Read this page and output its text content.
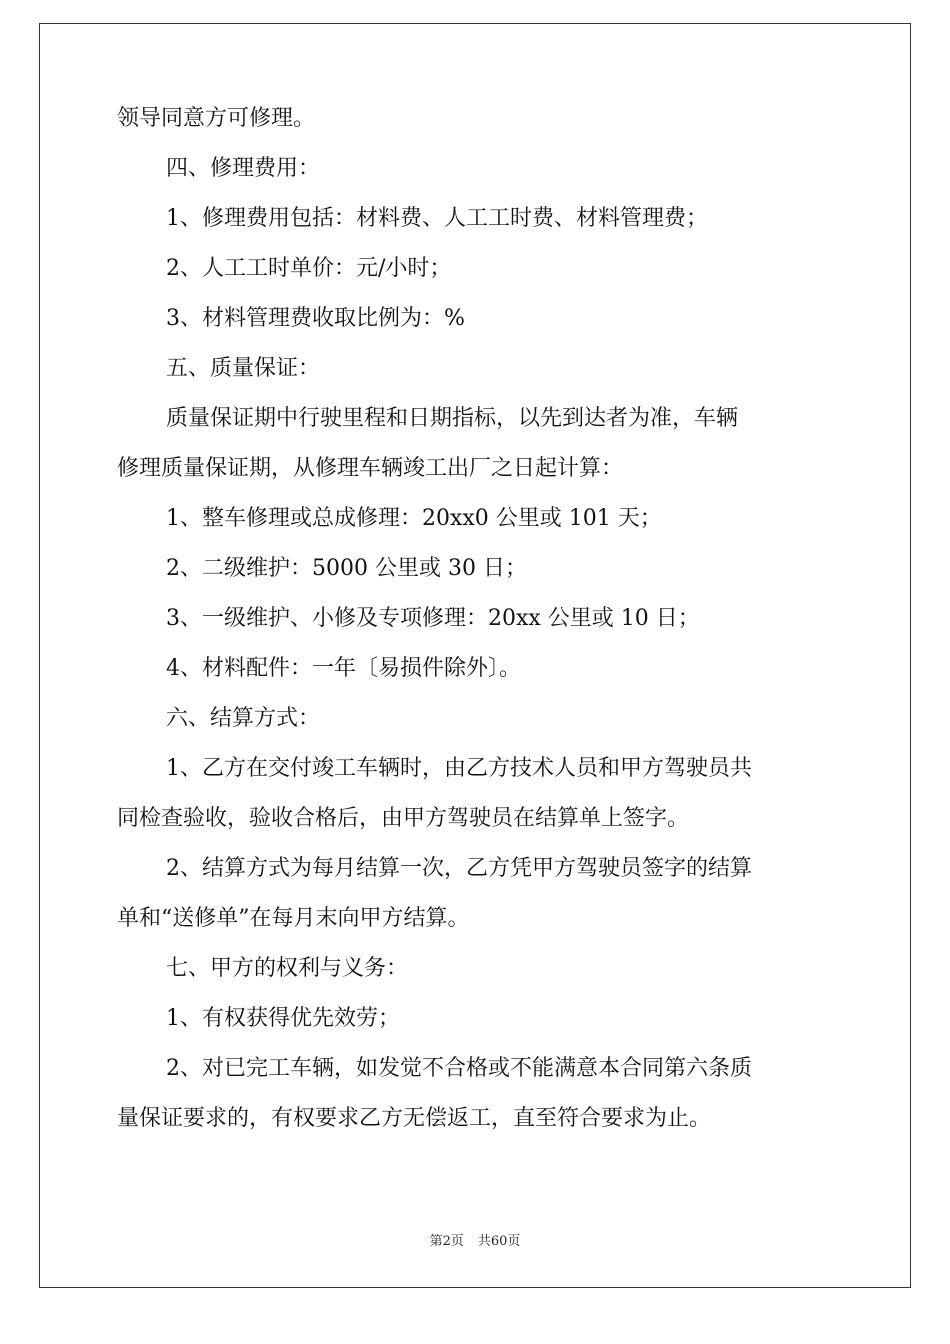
领导同意方可修理。
四、修理费用：
1、修理费用包括：材料费、人工工时费、材料管理费；
2、人工工时单价：元/小时；
3、材料管理费收取比例为：%
五、质量保证：
质量保证期中行驶里程和日期指标，以先到达者为准，车辆
修理质量保证期，从修理车辆竣工出厂之日起计算：
1、整车修理或总成修理：20xx0 公里或 101 天；
2、二级维护：5000 公里或 30 日；
3、一级维护、小修及专项修理：20xx 公里或 10 日；
4、材料配件：一年〔易损件除外〕。
六、结算方式：
1、乙方在交付竣工车辆时，由乙方技术人员和甲方驾驶员共
同检查验收，验收合格后，由甲方驾驶员在结算单上签字。
2、结算方式为每月结算一次，乙方凭甲方驾驶员签字的结算
单和“送修单”在每月末向甲方结算。
七、甲方的权利与义务：
1、有权获得优先效劳；
2、对已完工车辆，如发觉不合格或不能满意本合同第六条质
量保证要求的，有权要求乙方无偿返工，直至符合要求为止。
第2页 共60页
